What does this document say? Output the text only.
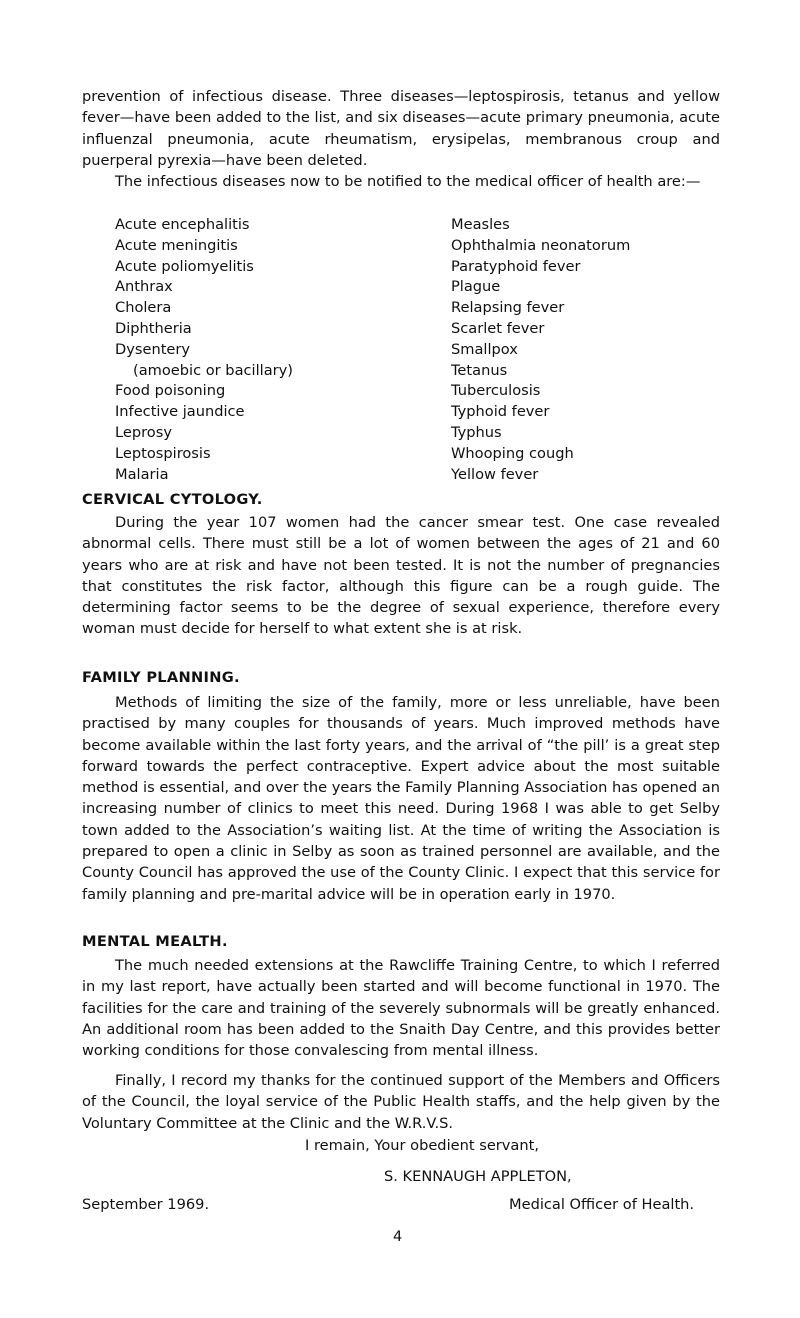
prevention of infectious disease. Three diseases—leptospirosis, tetanus and yellow fever—have been added to the list, and six diseases—acute primary pneumonia, acute influenzal pneumonia, acute rheumatism, erysipelas, membranous croup and puerperal pyrexia—have been deleted.

The infectious diseases now to be notified to the medical officer of health are:—

Acute encephalitis
Acute meningitis
Acute poliomyelitis
Anthrax
Cholera
Diphtheria
Dysentery
(amoebic or bacillary)
Food poisoning
Infective jaundice
Leprosy
Leptospirosis
Malaria
Measles
Ophthalmia neonatorum
Paratyphoid fever
Plague
Relapsing fever
Scarlet fever
Smallpox
Tetanus
Tuberculosis
Typhoid fever
Typhus
Whooping cough
Yellow fever
CERVICAL CYTOLOGY.

During the year 107 women had the cancer smear test. One case revealed abnormal cells. There must still be a lot of women between the ages of 21 and 60 years who are at risk and have not been tested. It is not the number of pregnancies that constitutes the risk factor, although this figure can be a rough guide. The determining factor seems to be the degree of sexual experience, therefore every woman must decide for herself to what extent she is at risk.

FAMILY PLANNING.

Methods of limiting the size of the family, more or less unreliable, have been practised by many couples for thousands of years. Much improved methods have become available within the last forty years, and the arrival of “the pill’ is a great step forward towards the perfect contraceptive. Expert advice about the most suitable method is essential, and over the years the Family Planning Association has opened an increasing number of clinics to meet this need. During 1968 I was able to get Selby town added to the Association’s waiting list. At the time of writing the Association is prepared to open a clinic in Selby as soon as trained personnel are available, and the County Council has approved the use of the County Clinic. I expect that this service for family planning and pre-marital advice will be in operation early in 1970.

MENTAL MEALTH.

The much needed extensions at the Rawcliffe Training Centre, to which I referred in my last report, have actually been started and will become functional in 1970. The facilities for the care and training of the severely subnormals will be greatly enhanced. An additional room has been added to the Snaith Day Centre, and this provides better working conditions for those convalescing from mental illness.

Finally, I record my thanks for the continued support of the Members and Officers of the Council, the loyal service of the Public Health staffs, and the help given by the Voluntary Committee at the Clinic and the W.R.V.S.

I remain, Your obedient servant,

S. KENNAUGH APPLETON,

September 1969.	Medical Officer of Health.

4
